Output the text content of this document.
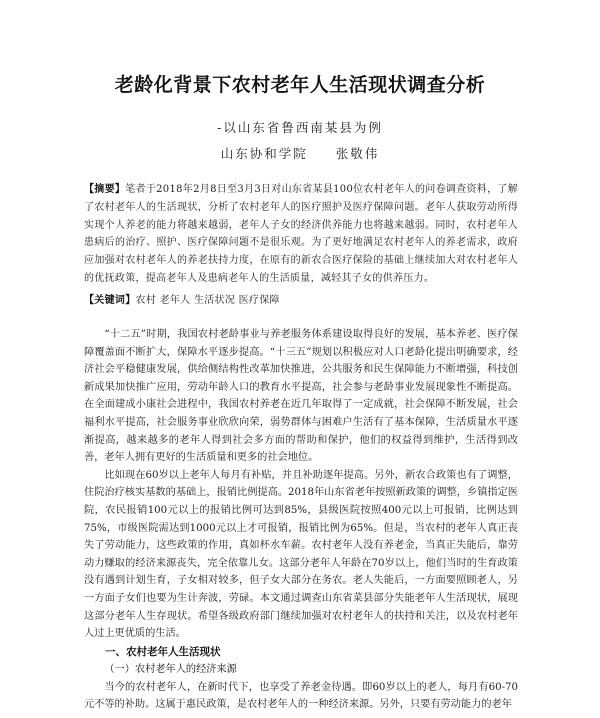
老龄化背景下农村老年人生活现状调查分析
-以山东省鲁西南某县为例
山东协和学院 张敬伟
【摘要】笔者于2018年2月8日至3月3日对山东省某县100位农村老年人的问卷调查资料，了解了农村老年人的生活现状，分析了农村老年人的医疗照护及医疗保障问题。老年人获取劳动所得实现个人养老的能力将越来越弱，老年人子女的经济供养能力也将越来越弱。同时，农村老年人患病后的治疗、照护、医疗保障问题不是很乐观。为了更好地满足农村老年人的养老需求，政府应加强对农村老年人的养老扶持力度，在原有的新农合医疗保险的基础上继续加大对农村老年人的优抚政策，提高老年人及患病老年人的生活质量，减轻其子女的供养压力。
【关键词】农村 老年人 生活状况 医疗保障

“十二五”时期，我国农村老龄事业与养老服务体系建设取得良好的发展，基本养老、医疗保障覆盖面不断扩大，保障水平逐步提高。“十三五”规划以积极应对人口老龄化提出明确要求，经济社会平稳健康发展，供给侧结构性改革加快推进，公共服务和民生保障能力不断增强，科技创新成果加快推广应用，劳动年龄人口的教育水平提高，社会参与老龄事业发展现象性不断提高。在全面建成小康社会进程中，我国农村养老在近几年取得了一定成就，社会保障不断发展，社会福利水平提高，社会服务事业欣欣向荣，弱势群体与困难户生活有了基本保障，生活质量水平逐渐提高，越来越多的老年人得到社会多方面的帮助和保护，他们的权益得到维护，生活得到改善，老年人拥有更好的生活质量和更多的社会地位。

比如现在60岁以上老年人每月有补贴，并且补助逐年提高。另外，新农合政策也有了调整，住院治疗核实基数的基础上，报销比例提高。2018年山东省老年按照新政策的调整，乡镇指定医院，农民报销100元以上的报销比例可达到85%，县级医院按照400元以上可报销，比例达到75%，市级医院需达到1000元以上才可报销，报销比例为65%。但是，当农村的老年人真正丧失了劳动能力，这些政策的作用，真如杯水车薪。农村老年人没有养老金，当真正失能后，靠劳动力赚取的经济来源丧失，完全依靠儿女。这部分老年人年龄在70岁以上，他们当时的生育政策没有遇到计划生育，子女相对较多，但子女大部分在务农。老人失能后，一方面要照顾老人，另一方面子女们也要为生计奔波，劳碌。本文通过调查山东省菜县部分失能老年人生活现状，展现这部分老年人生存现状。希望各级政府部门继续加强对农村老年人的扶持和关注，以及农村老年人过上更优质的生活。

一、农村老年人生活现状
（一）农村老年人的经济来源

当今的农村老年人，在新时代下，也享受了养老金待遇。即60岁以上的老人，每月有60-70元不等的补助。这属于惠民政策，是农村老年人的一种经济来源。另外，只要有劳动能力的老年
